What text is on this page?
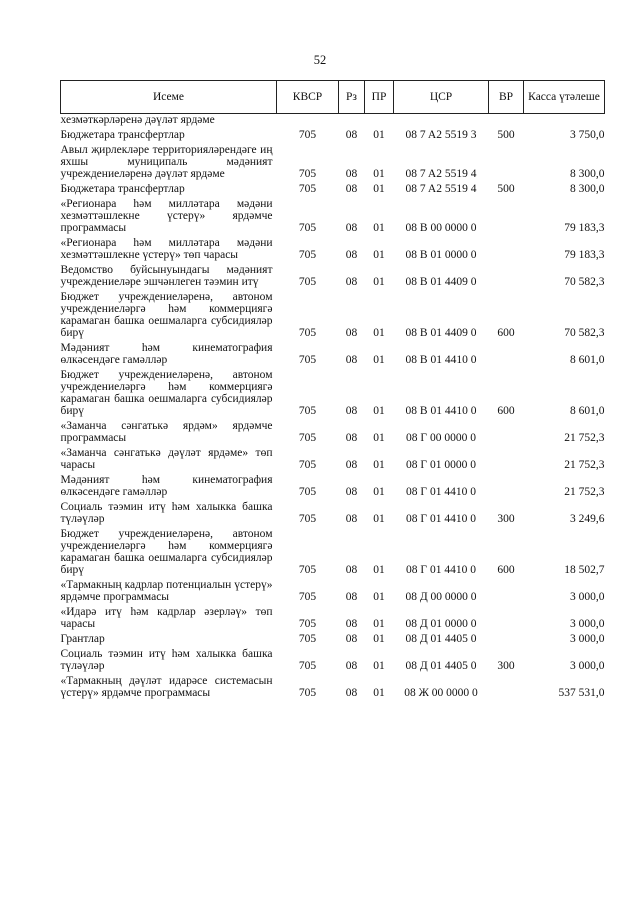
52
Исеме	КВСР	Рз	ПР	ЦСР	ВР	Касса үтәлеше
хезмәткәрләренә дәүләт ярдәме						

Бюджетара трансфертлар	705	08	01	08 7 A2 5519 3	500	3 750,0

Авыл җирлекләре территорияләрендәге иң яхшы муниципаль мәдәният учреждениеләренә дәүләт ярдәме	705	08	01	08 7 A2 5519 4		8 300,0

Бюджетара трансфертлар	705	08	01	08 7 A2 5519 4	500	8 300,0

«Регионара һәм милләтара мәдәни хезмәттәшлекне үстерү» ярдәмче программасы	705	08	01	08 В 00 0000 0		79 183,3

«Регионара һәм милләтара мәдәни хезмәттәшлекне үстерү» төп чарасы	705	08	01	08 В 01 0000 0		79 183,3

Ведомство буйсынуындагы мәдәният учреждениеләре эшчәнлеген тәэмин итү	705	08	01	08 В 01 4409 0		70 582,3

Бюджет учреждениеләренә, автоном учреждениеләргә һәм коммерциягә карамаган башка оешмаларга субсидияләр бирү	705	08	01	08 В 01 4409 0	600	70 582,3

Мәдәният һәм кинематография өлкәсендәге гамәлләр	705	08	01	08 В 01 4410 0		8 601,0

Бюджет учреждениеләренә, автоном учреждениеләргә һәм коммерциягә карамаган башка оешмаларга субсидияләр бирү	705	08	01	08 В 01 4410 0	600	8 601,0

«Заманча сәнгатькә ярдәм» ярдәмче программасы	705	08	01	08 Г 00 0000 0		21 752,3

«Заманча сәнгатькә дәүләт ярдәме» төп чарасы	705	08	01	08 Г 01 0000 0		21 752,3

Мәдәният һәм кинематография өлкәсендәге гамәлләр	705	08	01	08 Г 01 4410 0		21 752,3

Социаль тәэмин итү һәм халыкка башка түләүләр	705	08	01	08 Г 01 4410 0	300	3 249,6

Бюджет учреждениеләренә, автоном учреждениеләргә һәм коммерциягә карамаган башка оешмаларга субсидияләр бирү	705	08	01	08 Г 01 4410 0	600	18 502,7

«Тармакның кадрлар потенциалын үстерү» ярдәмче программасы	705	08	01	08 Д 00 0000 0		3 000,0

«Идарә итү һәм кадрлар әзерләү» төп чарасы	705	08	01	08 Д 01 0000 0		3 000,0

Грантлар	705	08	01	08 Д 01 4405 0		3 000,0

Социаль тәэмин итү һәм халыкка башка түләүләр	705	08	01	08 Д 01 4405 0	300	3 000,0

«Тармакның дәүләт идарәсе системасын үстерү» ярдәмче программасы	705	08	01	08 Ж 00 0000 0		537 531,0
